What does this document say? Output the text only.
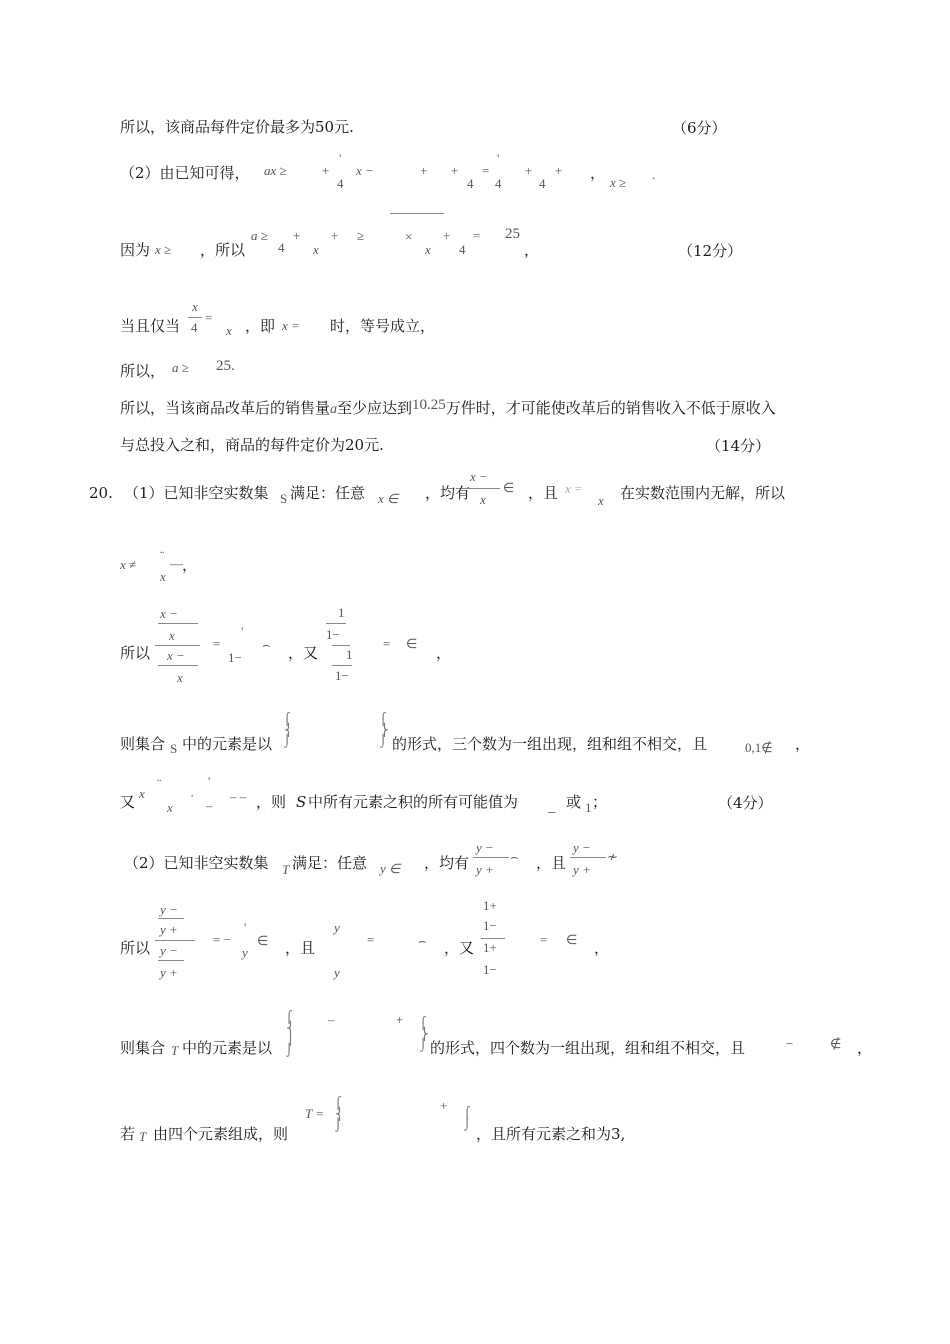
所以，该商品每件定价最多为50元.	（6分）
（2）由已知可得， ax ≥	+
'
4
x −	+ +
4
=
'
4
+
4
+ ，
x ≥
.
因为 x ≥ ，所以
a ≥
4
+
x
+ ≥	×
x
+
4
= 25
，	（12分）
当且仅当
x
4
=
x ，即 x = 时，等号成立，
所以， a ≥ 25.
所以，当该商品改革后的销售量a至少应达到10.25万件时，才可能使改革后的销售收入不低于原收入
与总投入之和，商品的每件定价为20元.	（14分）
20. （1）已知非空实数集 S 满足：任意 x ∈ ，均有
x −
x
∈ ，且 x =
x 在实数范围内无解，所以
x ≠
¨
—
x
，
所以
x −
x
x −
x
=
'
1−
⌢ ，又
1
1−
1
1−
= ∈
，
则集合 S 中的元素是以
⌠
⎨
⌡
⌠
⎬
⌡ 的形式，三个数为一组出现，组和组不相交，且	0,1∉ ，
又 x
¨
x
·
'
–
– – ，则 S 中所有元素之积的所有可能值为 _ 或 1 ；	（4分）
（2）已知非空实数集 T 满足：任意 y ∈ ，均有
y −
y +
⌢ ，且
y −
y +
≁
所以
y −
y +
y −
y +
= −
'
y
∈ ，且
y
y
=	⌢ ，又
1+
1−
1+
1−
= ∈ ，
则集合 T 中的元素是以
⌠
⎨
⎪
⌡
–	+ ⌠
⎬
⌡ 的形式，四个数为一组出现，组和组不相交，且	−	∉ ，
若 T 由四个元素组成，则
T =
⌠
⎨
⌡
+ ⌠
⌡
，且所有元素之和为3,
